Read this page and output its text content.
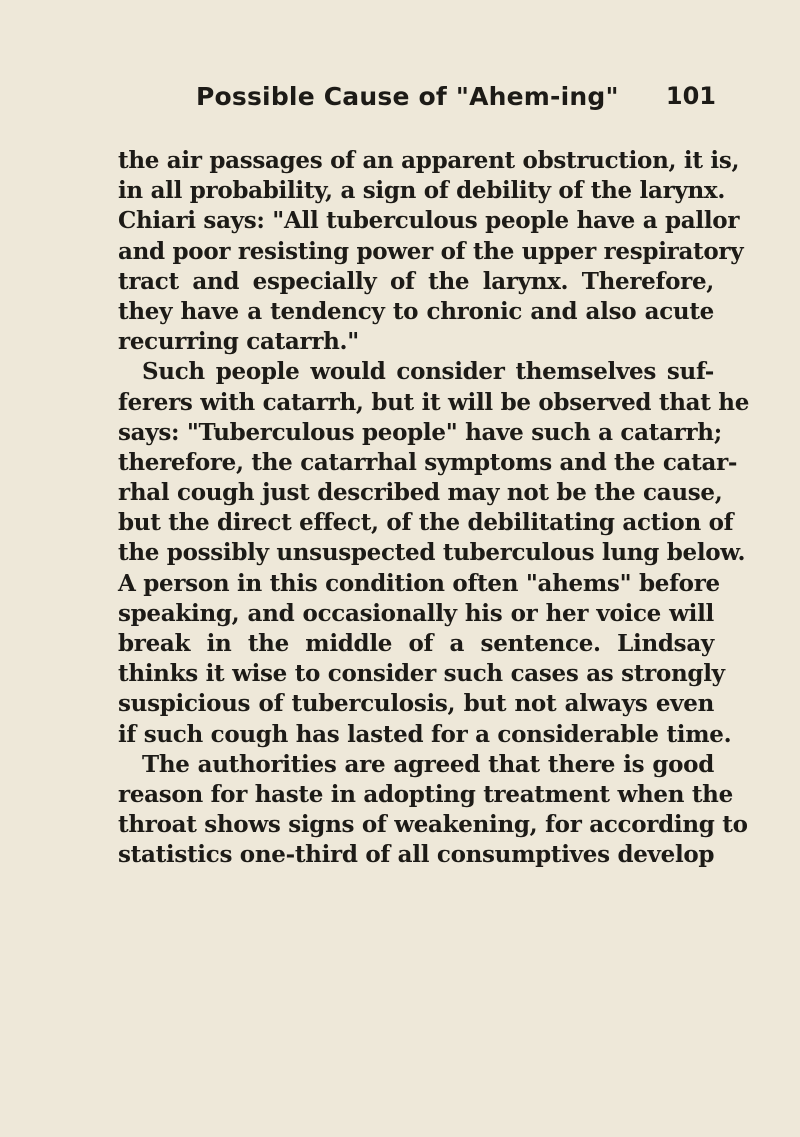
Possible Cause of "Ahem-ing" 101
the air passages of an apparent obstruction, it is,
in all probability, a sign of debility of the larynx.
Chiari says: "All tuberculous people have a pallor
and poor resisting power of the upper respiratory
tract and especially of the larynx. Therefore,
they have a tendency to chronic and also acute
recurring catarrh."
Such people would consider themselves suf-
ferers with catarrh, but it will be observed that he
says: "Tuberculous people" have such a catarrh;
therefore, the catarrhal symptoms and the catar-
rhal cough just described may not be the cause,
but the direct effect, of the debilitating action of
the possibly unsuspected tuberculous lung below.
A person in this condition often "ahems" before
speaking, and occasionally his or her voice will
break in the middle of a sentence. Lindsay
thinks it wise to consider such cases as strongly
suspicious of tuberculosis, but not always even
if such cough has lasted for a considerable time.
The authorities are agreed that there is good
reason for haste in adopting treatment when the
throat shows signs of weakening, for according to
statistics one-third of all consumptives develop
